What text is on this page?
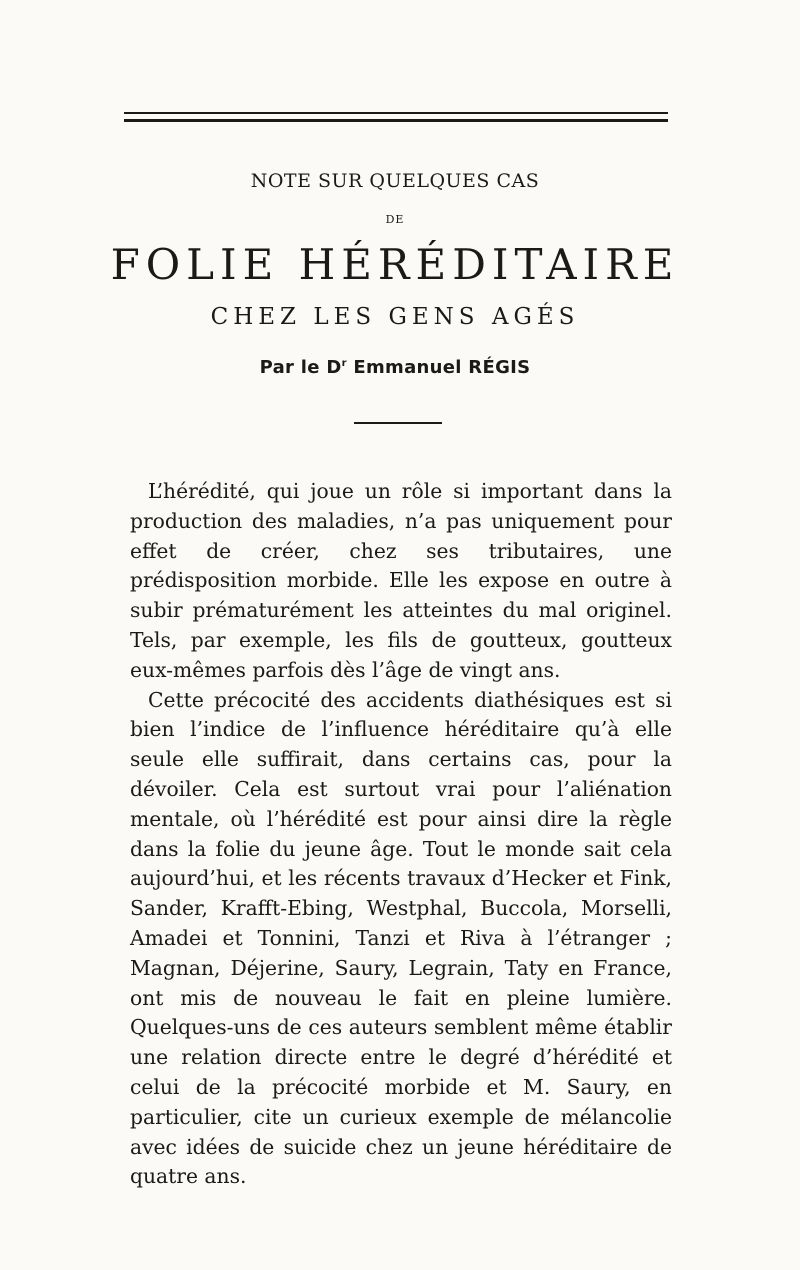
NOTE SUR QUELQUES CAS
DE
FOLIE HÉRÉDITAIRE
CHEZ LES GENS AGÉS
Par le $D^r$ Emmanuel RÉGIS

L’hérédité, qui joue un rôle si important dans la production des maladies, n’a pas uniquement pour effet de créer, chez ses tributaires, une prédisposition morbide. Elle les expose en outre à subir prématurément les atteintes du mal originel. Tels, par exemple, les fils de goutteux, goutteux eux-mêmes parfois dès l’âge de vingt ans.

Cette précocité des accidents diathésiques est si bien l’indice de l’influence héréditaire qu’à elle seule elle suffirait, dans certains cas, pour la dévoiler. Cela est surtout vrai pour l’aliénation mentale, où l’hérédité est pour ainsi dire la règle dans la folie du jeune âge. Tout le monde sait cela aujourd’hui, et les récents travaux d’Hecker et Fink, Sander, Krafft-Ebing, Westphal, Buccola, Morselli, Amadei et Tonnini, Tanzi et Riva à l’étranger ; Magnan, Déjerine, Saury, Legrain, Taty en France, ont mis de nouveau le fait en pleine lumière. Quelques-uns de ces auteurs semblent même établir une relation directe entre le degré d’hérédité et celui de la précocité morbide et M. Saury, en particulier, cite un curieux exemple de mélancolie avec idées de suicide chez un jeune héréditaire de quatre ans.
